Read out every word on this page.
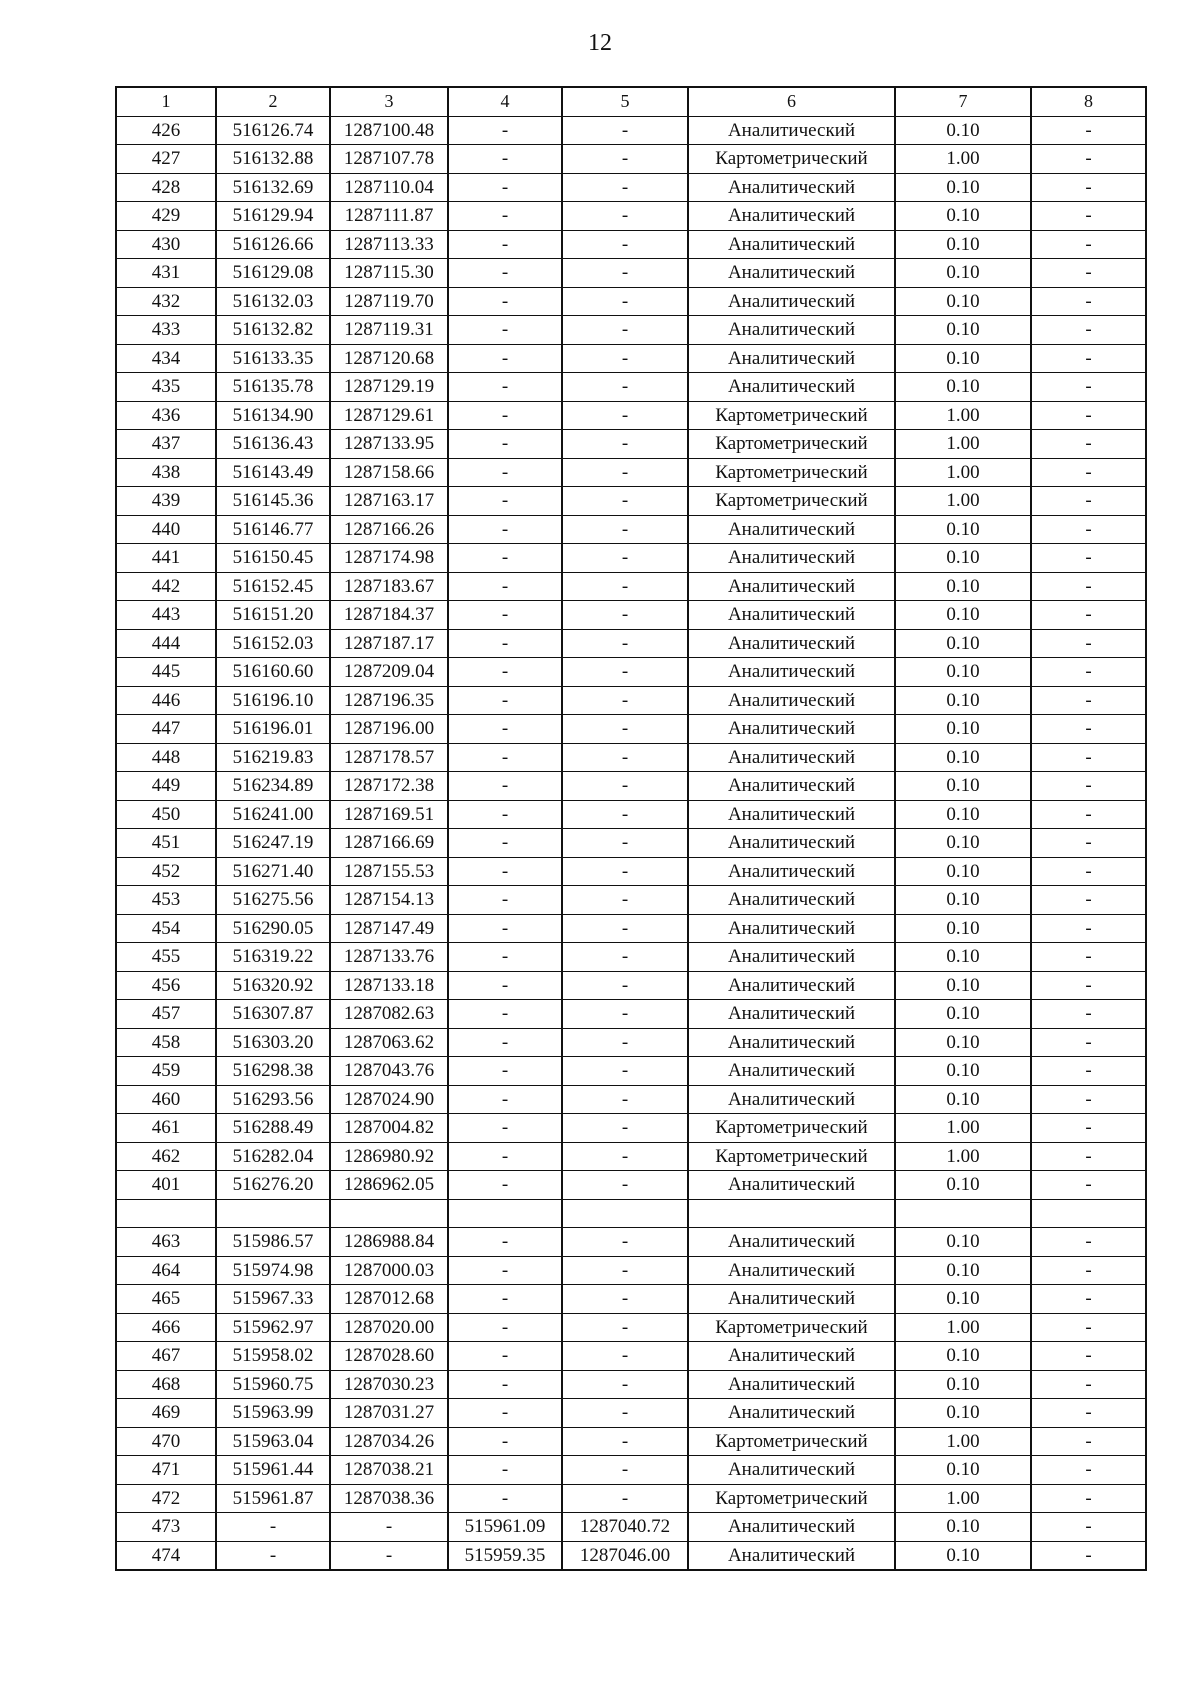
12
1	2	3	4	5	6	7	8
426	516126.74	1287100.48	-	-	Аналитический	0.10	-
427	516132.88	1287107.78	-	-	Картометрический	1.00	-
428	516132.69	1287110.04	-	-	Аналитический	0.10	-
429	516129.94	1287111.87	-	-	Аналитический	0.10	-
430	516126.66	1287113.33	-	-	Аналитический	0.10	-
431	516129.08	1287115.30	-	-	Аналитический	0.10	-
432	516132.03	1287119.70	-	-	Аналитический	0.10	-
433	516132.82	1287119.31	-	-	Аналитический	0.10	-
434	516133.35	1287120.68	-	-	Аналитический	0.10	-
435	516135.78	1287129.19	-	-	Аналитический	0.10	-
436	516134.90	1287129.61	-	-	Картометрический	1.00	-
437	516136.43	1287133.95	-	-	Картометрический	1.00	-
438	516143.49	1287158.66	-	-	Картометрический	1.00	-
439	516145.36	1287163.17	-	-	Картометрический	1.00	-
440	516146.77	1287166.26	-	-	Аналитический	0.10	-
441	516150.45	1287174.98	-	-	Аналитический	0.10	-
442	516152.45	1287183.67	-	-	Аналитический	0.10	-
443	516151.20	1287184.37	-	-	Аналитический	0.10	-
444	516152.03	1287187.17	-	-	Аналитический	0.10	-
445	516160.60	1287209.04	-	-	Аналитический	0.10	-
446	516196.10	1287196.35	-	-	Аналитический	0.10	-
447	516196.01	1287196.00	-	-	Аналитический	0.10	-
448	516219.83	1287178.57	-	-	Аналитический	0.10	-
449	516234.89	1287172.38	-	-	Аналитический	0.10	-
450	516241.00	1287169.51	-	-	Аналитический	0.10	-
451	516247.19	1287166.69	-	-	Аналитический	0.10	-
452	516271.40	1287155.53	-	-	Аналитический	0.10	-
453	516275.56	1287154.13	-	-	Аналитический	0.10	-
454	516290.05	1287147.49	-	-	Аналитический	0.10	-
455	516319.22	1287133.76	-	-	Аналитический	0.10	-
456	516320.92	1287133.18	-	-	Аналитический	0.10	-
457	516307.87	1287082.63	-	-	Аналитический	0.10	-
458	516303.20	1287063.62	-	-	Аналитический	0.10	-
459	516298.38	1287043.76	-	-	Аналитический	0.10	-
460	516293.56	1287024.90	-	-	Аналитический	0.10	-
461	516288.49	1287004.82	-	-	Картометрический	1.00	-
462	516282.04	1286980.92	-	-	Картометрический	1.00	-
401	516276.20	1286962.05	-	-	Аналитический	0.10	-

463	515986.57	1286988.84	-	-	Аналитический	0.10	-
464	515974.98	1287000.03	-	-	Аналитический	0.10	-
465	515967.33	1287012.68	-	-	Аналитический	0.10	-
466	515962.97	1287020.00	-	-	Картометрический	1.00	-
467	515958.02	1287028.60	-	-	Аналитический	0.10	-
468	515960.75	1287030.23	-	-	Аналитический	0.10	-
469	515963.99	1287031.27	-	-	Аналитический	0.10	-
470	515963.04	1287034.26	-	-	Картометрический	1.00	-
471	515961.44	1287038.21	-	-	Аналитический	0.10	-
472	515961.87	1287038.36	-	-	Картометрический	1.00	-
473	-	-	515961.09	1287040.72	Аналитический	0.10	-
474	-	-	515959.35	1287046.00	Аналитический	0.10	-
